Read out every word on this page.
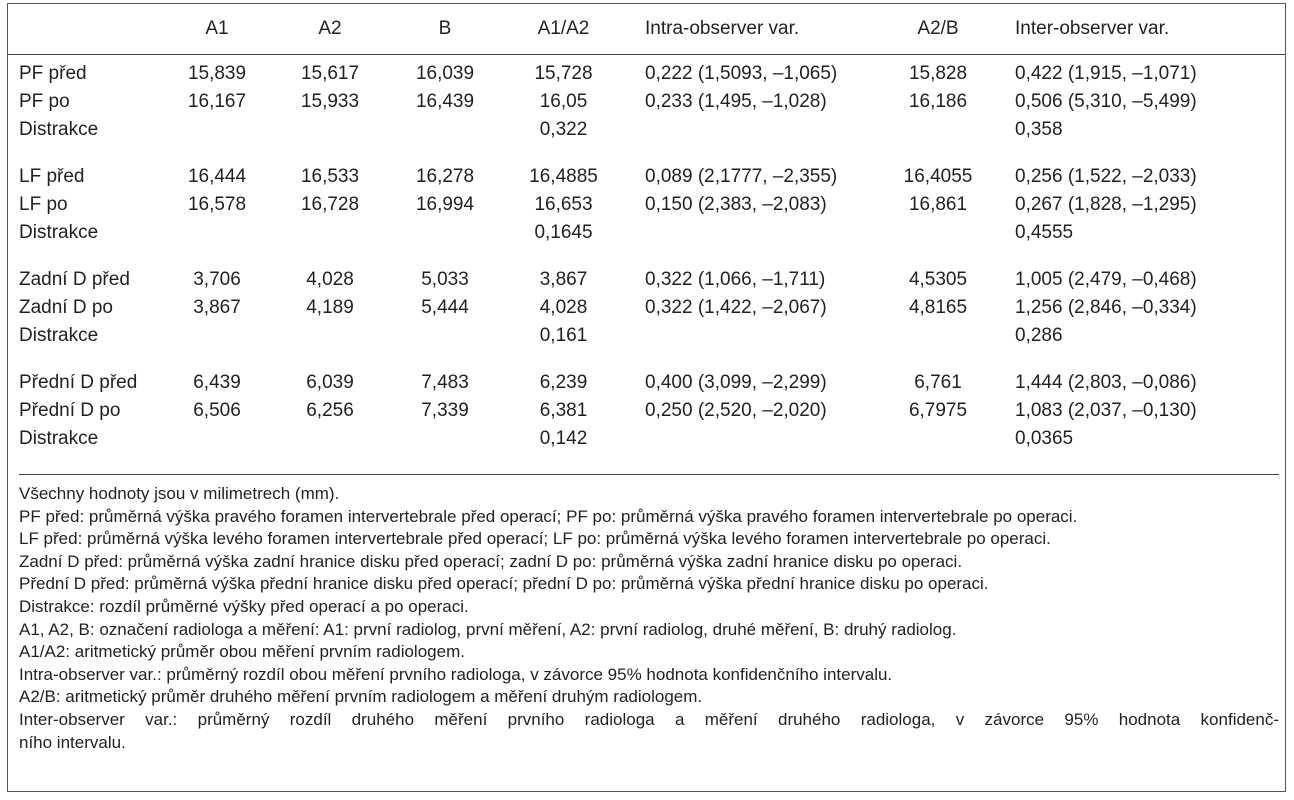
	A1	A2	B	A1/A2	Intra-observer var.	A2/B	Inter-observer var.
PF před	15,839	15,617	16,039	15,728	0,222 (1,5093, –1,065)	15,828	0,422 (1,915, –1,071)
PF po	16,167	15,933	16,439	16,05	0,233 (1,495, –1,028)	16,186	0,506 (5,310, –5,499)
Distrakce				0,322			0,358

LF před	16,444	16,533	16,278	16,4885	0,089 (2,1777, –2,355)	16,4055	0,256 (1,522, –2,033)
LF po	16,578	16,728	16,994	16,653	0,150 (2,383, –2,083)	16,861	0,267 (1,828, –1,295)
Distrakce				0,1645			0,4555

Zadní D před	3,706	4,028	5,033	3,867	0,322 (1,066, –1,711)	4,5305	1,005 (2,479, –0,468)
Zadní D po	3,867	4,189	5,444	4,028	0,322 (1,422, –2,067)	4,8165	1,256 (2,846, –0,334)
Distrakce				0,161			0,286

Přední D před	6,439	6,039	7,483	6,239	0,400 (3,099, –2,299)	6,761	1,444 (2,803, –0,086)
Přední D po	6,506	6,256	7,339	6,381	0,250 (2,520, –2,020)	6,7975	1,083 (2,037, –0,130)
Distrakce				0,142			0,0365

Všechny hodnoty jsou v milimetrech (mm).

PF před: průměrná výška pravého foramen intervertebrale před operací; PF po: průměrná výška pravého foramen intervertebrale po operaci.

LF před: průměrná výška levého foramen intervertebrale před operací; LF po: průměrná výška levého foramen intervertebrale po operaci.

Zadní D před: průměrná výška zadní hranice disku před operací; zadní D po: průměrná výška zadní hranice disku po operaci.

Přední D před: průměrná výška přední hranice disku před operací; přední D po: průměrná výška přední hranice disku po operaci.

Distrakce: rozdíl průměrné výšky před operací a po operaci.

A1, A2, B: označení radiologa a měření: A1: první radiolog, první měření, A2: první radiolog, druhé měření, B: druhý radiolog.

A1/A2: aritmetický průměr obou měření prvním radiologem.

Intra-observer var.: průměrný rozdíl obou měření prvního radiologa, v závorce 95% hodnota konfidenčního intervalu.

A2/B: aritmetický průměr druhého měření prvním radiologem a měření druhým radiologem.

Inter-observer var.: průměrný rozdíl druhého měření prvního radiologa a měření druhého radiologa, v závorce 95% hodnota konfidenč-

ního intervalu.
